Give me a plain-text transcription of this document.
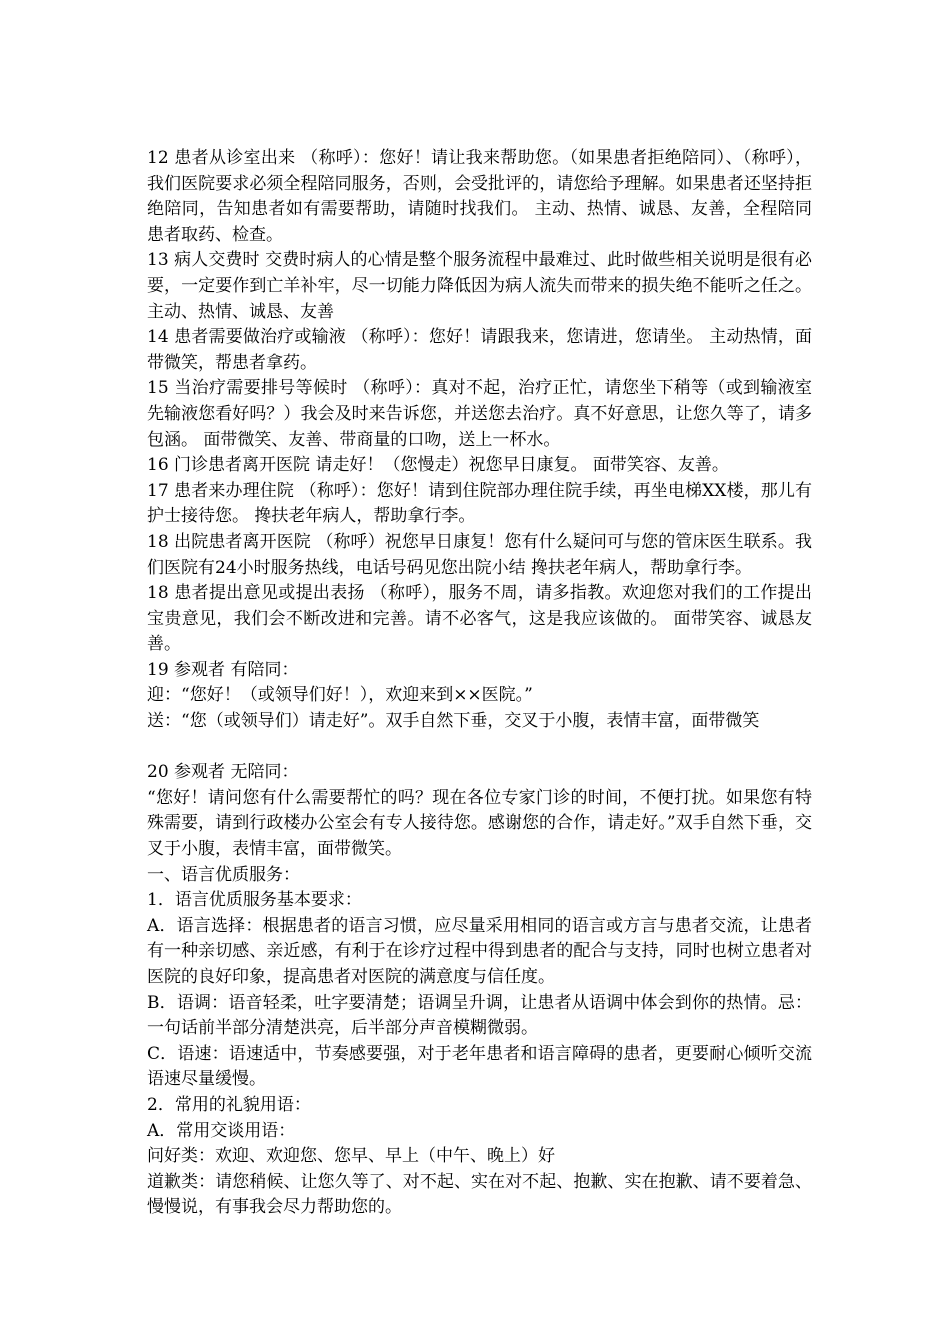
12 患者从诊室出来 （称呼）：您好！请让我来帮助您。（如果患者拒绝陪同）、（称呼），我们医院要求必须全程陪同服务，否则，会受批评的，请您给予理解。如果患者还坚持拒绝陪同，告知患者如有需要帮助，请随时找我们。 主动、热情、诚恳、友善，全程陪同患者取药、检查。

13 病人交费时 交费时病人的心情是整个服务流程中最难过、此时做些相关说明是很有必要，一定要作到亡羊补牢，尽一切能力降低因为病人流失而带来的损失绝不能听之任之。 主动、热情、诚恳、友善

14 患者需要做治疗或输液 （称呼）：您好！请跟我来，您请进，您请坐。 主动热情，面带微笑，帮患者拿药。

15 当治疗需要排号等候时 （称呼）：真对不起，治疗正忙，请您坐下稍等（或到输液室先输液您看好吗？）我会及时来告诉您，并送您去治疗。真不好意思，让您久等了，请多包涵。 面带微笑、友善、带商量的口吻，送上一杯水。

16 门诊患者离开医院 请走好！（您慢走）祝您早日康复。 面带笑容、友善。

17 患者来办理住院 （称呼）：您好！请到住院部办理住院手续，再坐电梯XX楼，那儿有护士接待您。 搀扶老年病人，帮助拿行李。

18 出院患者离开医院 （称呼）祝您早日康复！您有什么疑问可与您的管床医生联系。我们医院有24小时服务热线，电话号码见您出院小结 搀扶老年病人，帮助拿行李。

18 患者提出意见或提出表扬 （称呼），服务不周，请多指教。欢迎您对我们的工作提出宝贵意见，我们会不断改进和完善。请不必客气，这是我应该做的。 面带笑容、诚恳友善。

19 参观者 有陪同：

迎：“您好！（或领导们好！），欢迎来到××医院。”

送：“您（或领导们）请走好”。双手自然下垂，交叉于小腹，表情丰富，面带微笑

20 参观者 无陪同：

“您好！请问您有什么需要帮忙的吗？现在各位专家门诊的时间，不便打扰。如果您有特殊需要，请到行政楼办公室会有专人接待您。感谢您的合作，请走好。”双手自然下垂，交叉于小腹，表情丰富，面带微笑。

一、语言优质服务：

1．语言优质服务基本要求：

A．语言选择：根据患者的语言习惯，应尽量采用相同的语言或方言与患者交流，让患者有一种亲切感、亲近感，有利于在诊疗过程中得到患者的配合与支持，同时也树立患者对医院的良好印象，提高患者对医院的满意度与信任度。

B．语调：语音轻柔，吐字要清楚；语调呈升调，让患者从语调中体会到你的热情。忌：一句话前半部分清楚洪亮，后半部分声音模糊微弱。

C．语速：语速适中，节奏感要强，对于老年患者和语言障碍的患者，更要耐心倾听交流语速尽量缓慢。

2．常用的礼貌用语：

A．常用交谈用语：

问好类：欢迎、欢迎您、您早、早上（中午、晚上）好

道歉类：请您稍候、让您久等了、对不起、实在对不起、抱歉、实在抱歉、请不要着急、慢慢说，有事我会尽力帮助您的。
